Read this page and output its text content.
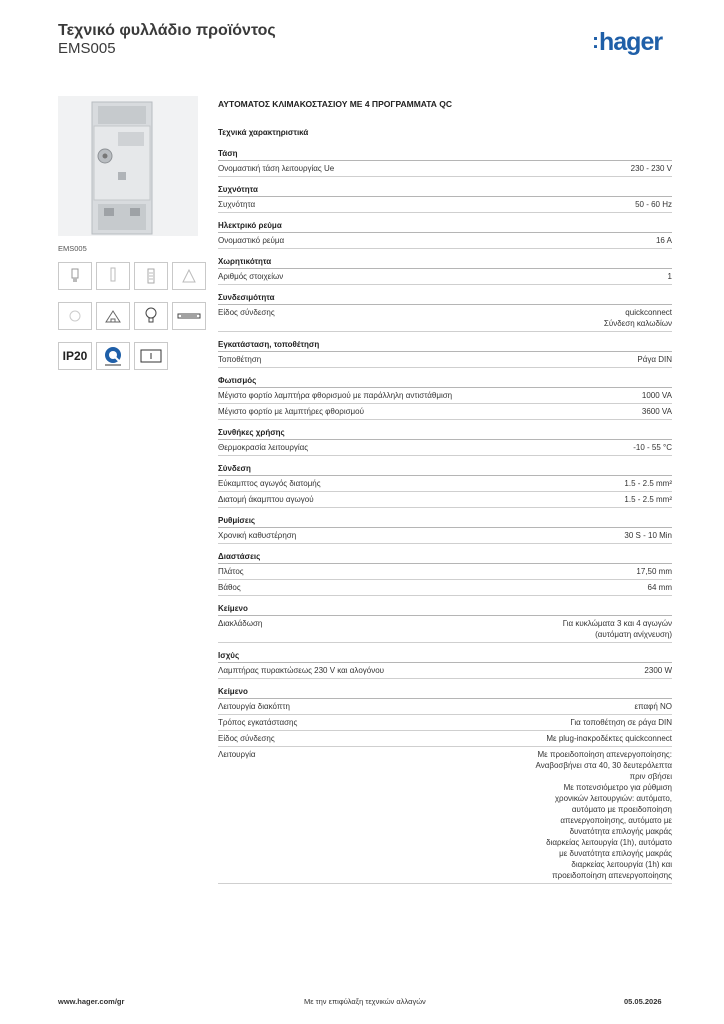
Τεχνικό φυλλάδιο προϊόντος
EMS005	:hager
EMS005
IP20
ΑΥΤΟΜΑΤΟΣ ΚΛΙΜΑΚΟΣΤΑΣΙΟΥ ΜΕ 4 ΠΡΟΓΡΑΜΜΑΤΑ QC
Τεχνικά χαρακτηριστικά
Τάση
Ονομαστική τάση λειτουργίας Ue	230 - 230 V
Συχνότητα
Συχνότητα	50 - 60 Hz
Ηλεκτρικό ρεύμα
Ονομαστικό ρεύμα	16 A
Χωρητικότητα
Αριθμός στοιχείων	1
Συνδεσιμότητα
Είδος σύνδεσης	quickconnect
Σύνδεση καλωδίων
Εγκατάσταση, τοποθέτηση
Τοποθέτηση	Ράγα DIN
Φωτισμός
Μέγιστο φορτίο λαμπτήρα φθορισμού με παράλληλη αντιστάθμιση	1000 VA
Μέγιστο φορτίο με λαμπτήρες φθορισμού	3600 VA
Συνθήκες χρήσης
Θερμοκρασία λειτουργίας	-10 - 55 °C
Σύνδεση
Εύκαμπτος αγωγός διατομής	1.5 - 2.5 mm²
Διατομή άκαμπτου αγωγού	1.5 - 2.5 mm²
Ρυθμίσεις
Χρονική καθυστέρηση	30 S - 10 Min
Διαστάσεις
Πλάτος	17,50 mm
Βάθος	64 mm
Κείμενο
Διακλάδωση	Για κυκλώματα 3 και 4 αγωγών
(αυτόματη ανίχνευση)
Ισχύς
Λαμπτήρας πυρακτώσεως 230 V και αλογόνου	2300 W
Κείμενο
Λειτουργία διακόπτη	επαφή NO
Τρόπος εγκατάστασης	Για τοποθέτηση σε ράγα DIN
Είδος σύνδεσης	Με plug-inακροδέκτες quickconnect
Λειτουργία	Με προειδοποίηση απενεργοποίησης:
Αναβοσβήνει στα 40, 30 δευτερόλεπτα
πριν σβήσει
Με ποτενσιόμετρο για ρύθμιση
χρονικών λειτουργιών: αυτόματο,
αυτόματο με προειδοποίηση
απενεργοποίησης, αυτόματο με
δυνατότητα επιλογής μακράς
διαρκείας λειτουργία (1h), αυτόματο
με δυνατότητα επιλογής μακράς
διαρκείας λειτουργία (1h) και
προειδοποίηση απενεργοποίησης
www.hager.com/gr	Με την επιφύλαξη τεχνικών αλλαγών	05.05.2026
